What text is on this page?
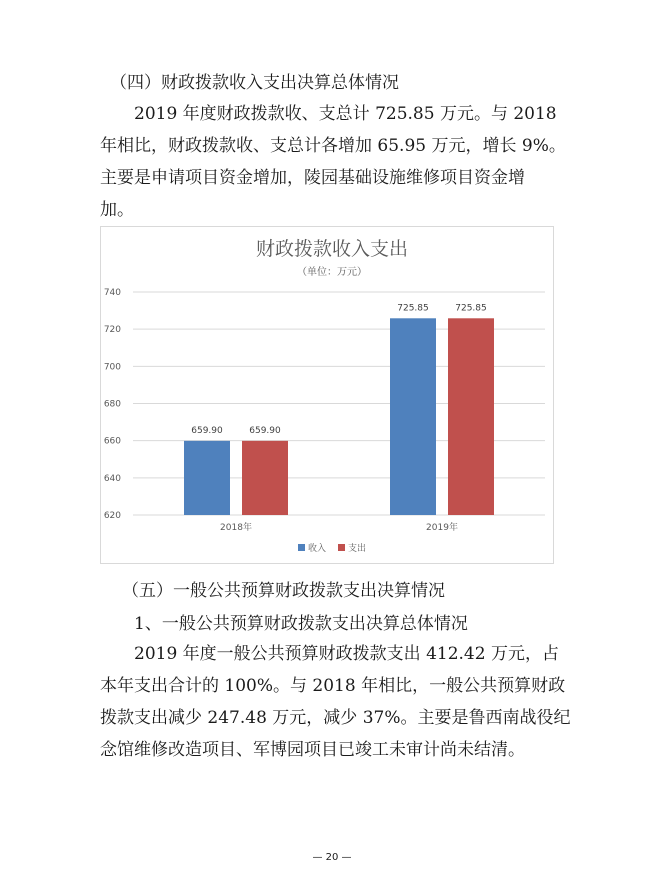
（四）财政拨款收入支出决算总体情况

2019 年度财政拨款收、支总计 725.85 万元。与 2018

年相比，财政拨款收、支总计各增加 65.95 万元，增长 9%。

主要是申请项目资金增加，陵园基础设施维修项目资金增

加。

财政拨款收入支出
（单位：万元）
620
640
660
680
700
720
740
659.90	659.90
2018年
725.85	725.85
2019年
收入 支出
（五）一般公共预算财政拨款支出决算情况
1、一般公共预算财政拨款支出决算总体情况

2019 年度一般公共预算财政拨款支出 412.42 万元，占

本年支出合计的 100%。与 2018 年相比，一般公共预算财政

拨款支出减少 247.48 万元，减少 37%。主要是鲁西南战役纪

念馆维修改造项目、军博园项目已竣工未审计尚未结清。

— 20 —
